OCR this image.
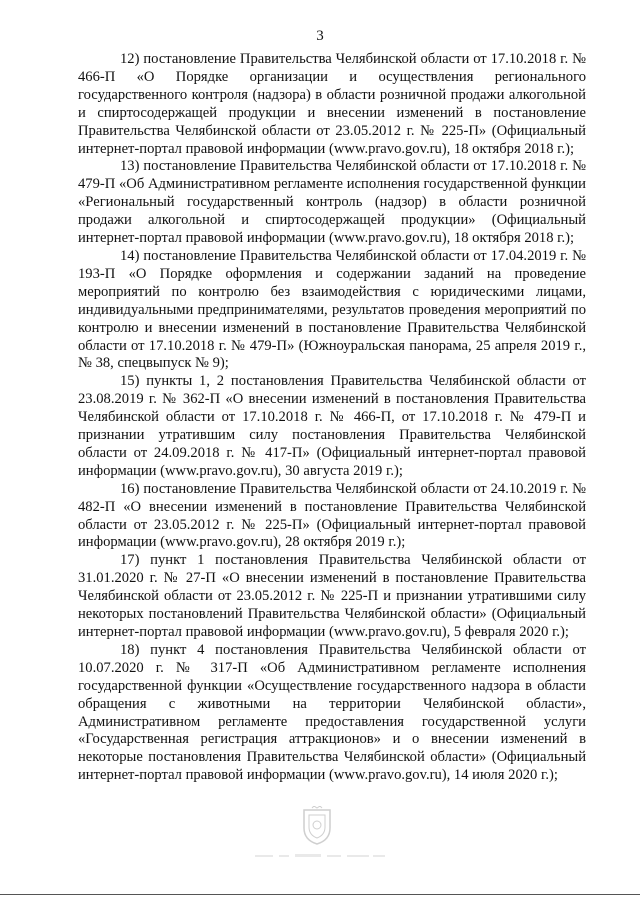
3

12) постановление Правительства Челябинской области от 17.10.2018 г. № 466-П «О Порядке организации и осуществления регионального государственного контроля (надзора) в области розничной продажи алкогольной и спиртосодержащей продукции и внесении изменений в постановление Правительства Челябинской области от 23.05.2012 г. № 225-П» (Официальный интернет-портал правовой информации (www.pravo.gov.ru), 18 октября 2018 г.);

13) постановление Правительства Челябинской области от 17.10.2018 г. № 479-П «Об Административном регламенте исполнения государственной функции «Региональный государственный контроль (надзор) в области розничной продажи алкогольной и спиртосодержащей продукции» (Официальный интернет-портал правовой информации (www.pravo.gov.ru), 18 октября 2018 г.);

14) постановление Правительства Челябинской области от 17.04.2019 г. № 193-П «О Порядке оформления и содержании заданий на проведение мероприятий по контролю без взаимодействия с юридическими лицами, индивидуальными предпринимателями, результатов проведения мероприятий по контролю и внесении изменений в постановление Правительства Челябинской области от 17.10.2018 г. № 479-П» (Южноуральская панорама, 25 апреля 2019 г., № 38, спецвыпуск № 9);

15) пункты 1, 2 постановления Правительства Челябинской области от 23.08.2019 г. № 362-П «О внесении изменений в постановления Правительства Челябинской области от 17.10.2018 г. № 466-П, от 17.10.2018 г. № 479-П и признании утратившим силу постановления Правительства Челябинской области от 24.09.2018 г. № 417-П» (Официальный интернет-портал правовой информации (www.pravo.gov.ru), 30 августа 2019 г.);

16) постановление Правительства Челябинской области от 24.10.2019 г. № 482-П «О внесении изменений в постановление Правительства Челябинской области от 23.05.2012 г. № 225-П» (Официальный интернет-портал правовой информации (www.pravo.gov.ru), 28 октября 2019 г.);

17) пункт 1 постановления Правительства Челябинской области от 31.01.2020 г. № 27-П «О внесении изменений в постановление Правительства Челябинской области от 23.05.2012 г. № 225-П и признании утратившими силу некоторых постановлений Правительства Челябинской области» (Официальный интернет-портал правовой информации (www.pravo.gov.ru), 5 февраля 2020 г.);

18) пункт 4 постановления Правительства Челябинской области от 10.07.2020 г. № 317-П «Об Административном регламенте исполнения государственной функции «Осуществление государственного надзора в области обращения с животными на территории Челябинской области», Административном регламенте предоставления государственной услуги «Государственная регистрация аттракционов» и о внесении изменений в некоторые постановления Правительства Челябинской области» (Официальный интернет-портал правовой информации (www.pravo.gov.ru), 14 июля 2020 г.);
